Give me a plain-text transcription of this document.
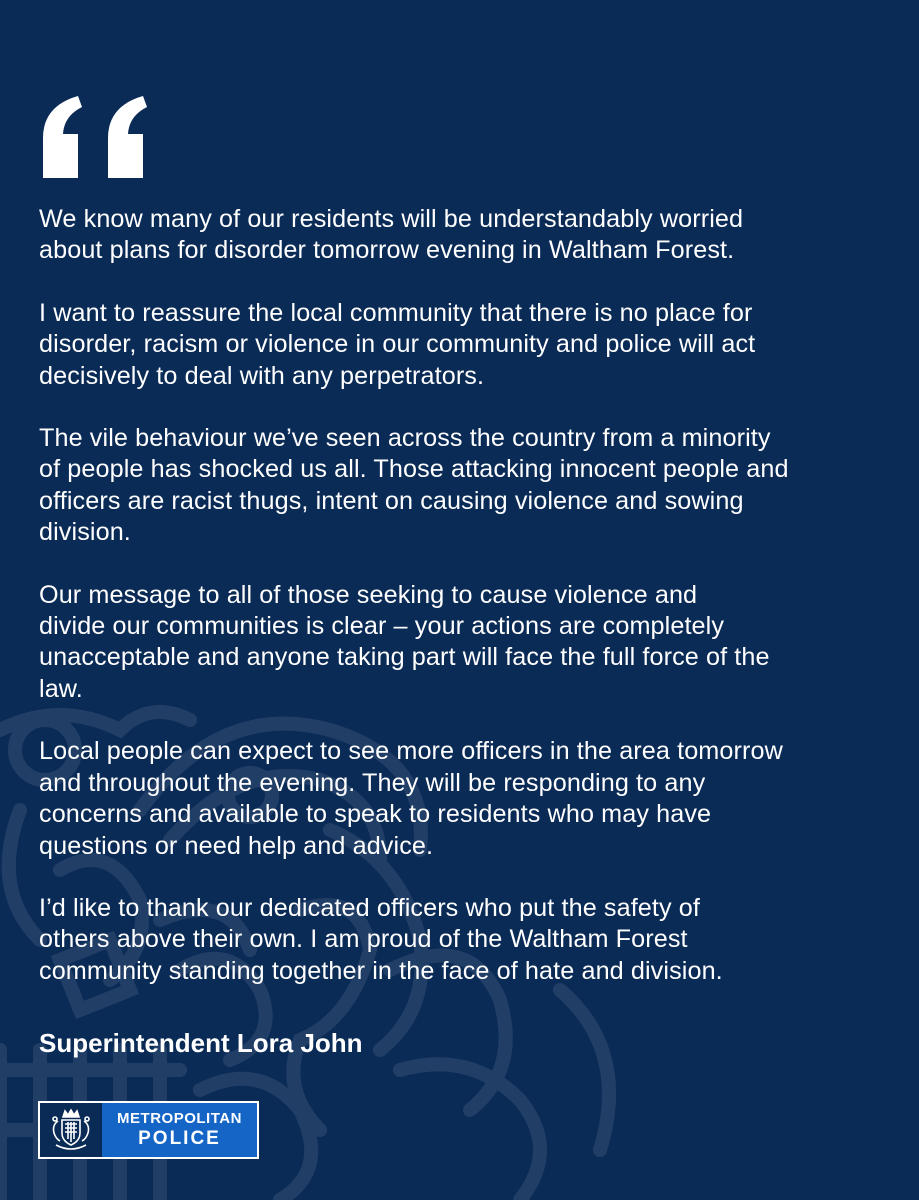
We know many of our residents will be understandably worried
about plans for disorder tomorrow evening in Waltham Forest.

I want to reassure the local community that there is no place for
disorder, racism or violence in our community and police will act
decisively to deal with any perpetrators.

The vile behaviour we’ve seen across the country from a minority
of people has shocked us all. Those attacking innocent people and
officers are racist thugs, intent on causing violence and sowing
division.

Our message to all of those seeking to cause violence and
divide our communities is clear – your actions are completely
unacceptable and anyone taking part will face the full force of the
law.

Local people can expect to see more officers in the area tomorrow
and throughout the evening. They will be responding to any
concerns and available to speak to residents who may have
questions or need help and advice.

I’d like to thank our dedicated officers who put the safety of
others above their own. I am proud of the Waltham Forest
community standing together in the face of hate and division.

Superintendent Lora John
METROPOLITAN
POLICE
